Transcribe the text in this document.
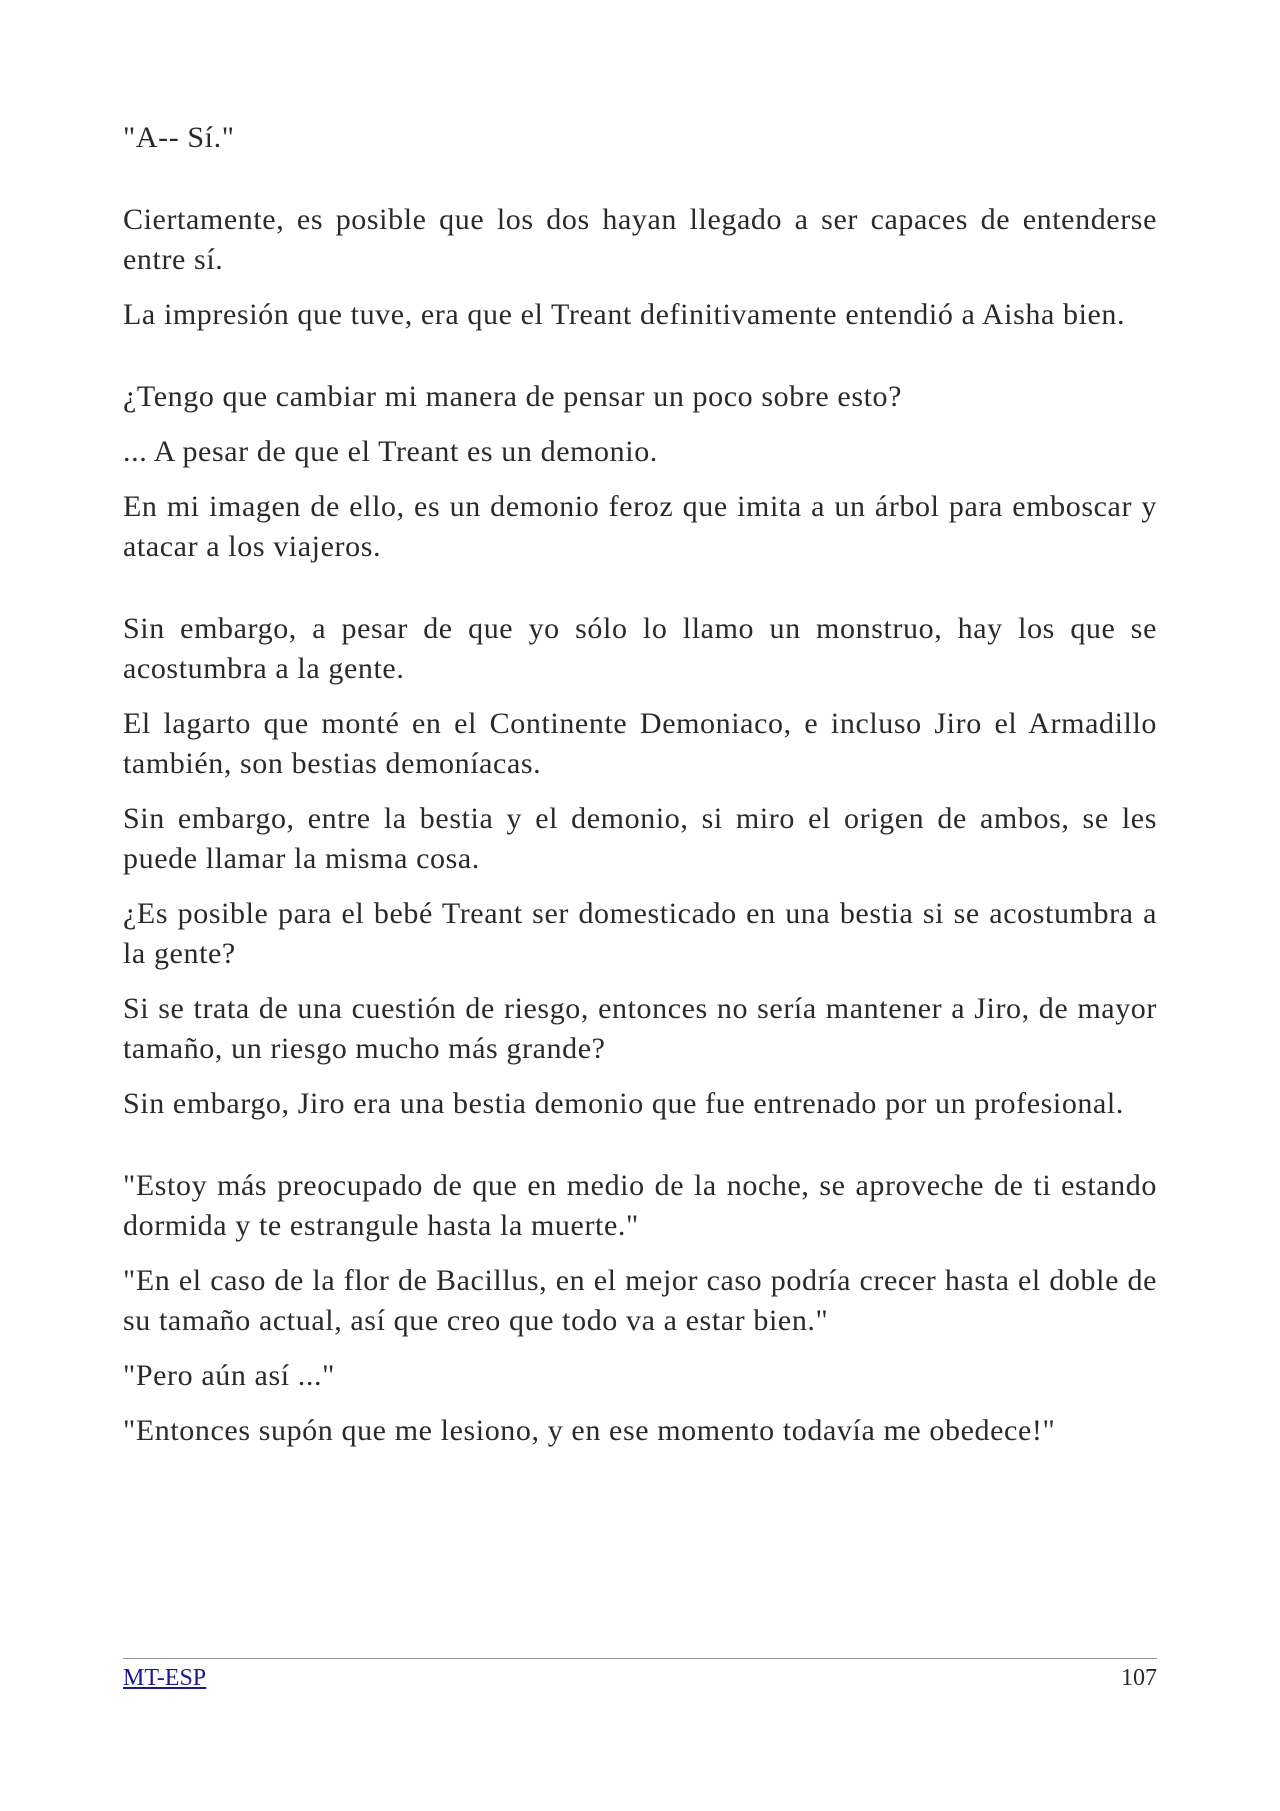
"A-- Sí."

Ciertamente, es posible que los dos hayan llegado a ser capaces de entenderse entre sí.

La impresión que tuve, era que el Treant definitivamente entendió a Aisha bien.

¿Tengo que cambiar mi manera de pensar un poco sobre esto?

... A pesar de que el Treant es un demonio.

En mi imagen de ello, es un demonio feroz que imita a un árbol para emboscar y atacar a los viajeros.

Sin embargo, a pesar de que yo sólo lo llamo un monstruo, hay los que se acostumbra a la gente.

El lagarto que monté en el Continente Demoniaco, e incluso Jiro el Armadillo también, son bestias demoníacas.

Sin embargo, entre la bestia y el demonio, si miro el origen de ambos, se les puede llamar la misma cosa.

¿Es posible para el bebé Treant ser domesticado en una bestia si se acostumbra a la gente?

Si se trata de una cuestión de riesgo, entonces no sería mantener a Jiro, de mayor tamaño, un riesgo mucho más grande?

Sin embargo, Jiro era una bestia demonio que fue entrenado por un profesional.

"Estoy más preocupado de que en medio de la noche, se aproveche de ti estando dormida y te estrangule hasta la muerte."

"En el caso de la flor de Bacillus, en el mejor caso podría crecer hasta el doble de su tamaño actual, así que creo que todo va a estar bien."

"Pero aún así ..."

"Entonces supón que me lesiono, y en ese momento todavía me obedece!"

MT-ESP	107
